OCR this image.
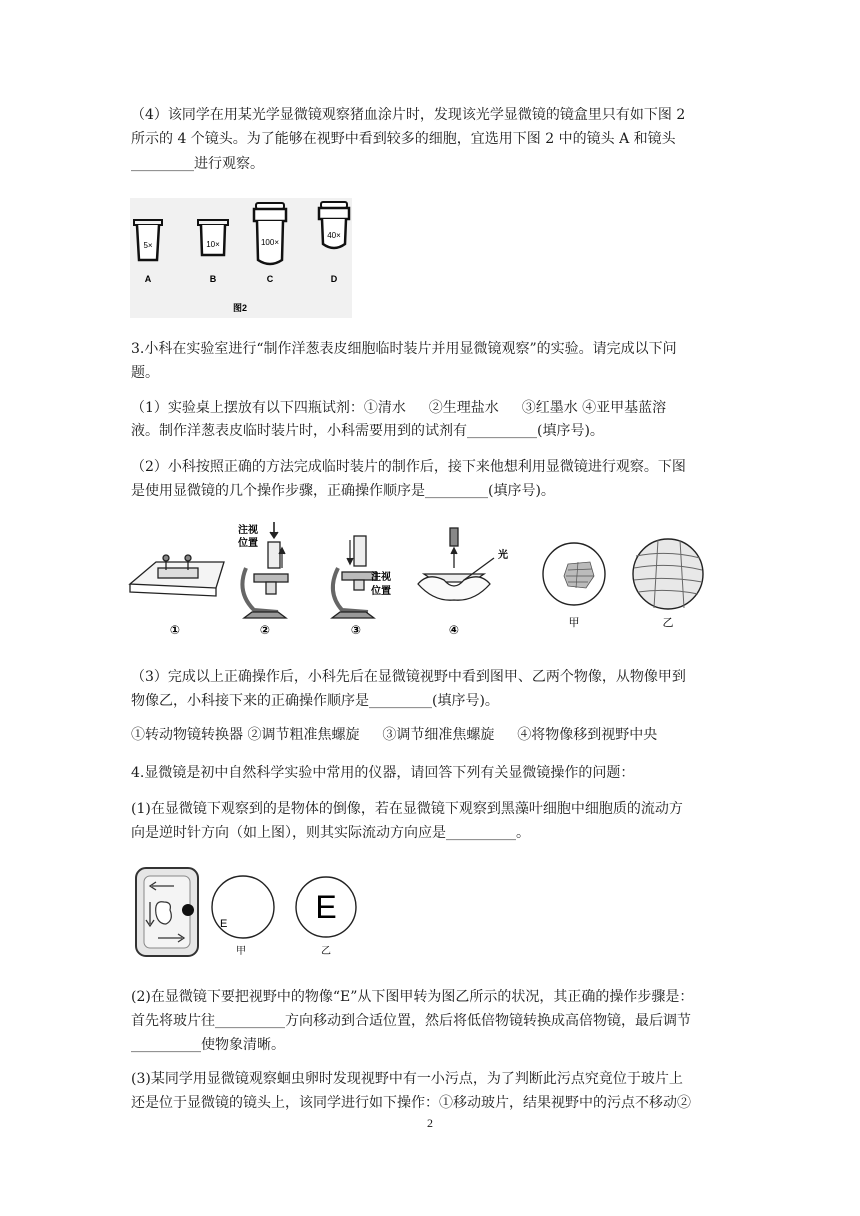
（4）该同学在用某光学显微镜观察猪血涂片时，发现该光学显微镜的镜盒里只有如下图 2

所示的 4 个镜头。为了能够在视野中看到较多的细胞，宜选用下图 2 中的镜头 A 和镜头

_________进行观察。

5×
A
10×
B
100×
C
40×
D
图2

3.小科在实验室进行“制作洋葱表皮细胞临时装片并用显微镜观察”的实验。请完成以下问

题。

（1）实验桌上摆放有以下四瓶试剂：①清水 　 ②生理盐水 　 ③红墨水 ④亚甲基蓝溶

液。制作洋葱表皮临时装片时，小科需要用到的试剂有__________(填序号)。

（2）小科按照正确的方法完成临时装片的制作后，接下来他想利用显微镜进行观察。下图

是使用显微镜的几个操作步骤，正确操作顺序是_________(填序号)。

①
注视
位置
②
注视
位置
③
光
④	甲	乙

（3）完成以上正确操作后，小科先后在显微镜视野中看到图甲、乙两个物像，从物像甲到

物像乙，小科接下来的正确操作顺序是_________(填序号)。

①转动物镜转换器 ②调节粗准焦螺旋 　 ③调节细准焦螺旋 　 ④将物像移到视野中央

4.显微镜是初中自然科学实验中常用的仪器，请回答下列有关显微镜操作的问题：

(1)在显微镜下观察到的是物体的倒像，若在显微镜下观察到黑藻叶细胞中细胞质的流动方

向是逆时针方向（如上图），则其实际流动方向应是__________。

E
甲
E
乙

(2)在显微镜下要把视野中的物像“E”从下图甲转为图乙所示的状况，其正确的操作步骤是：

首先将玻片往__________方向移动到合适位置，然后将低倍物镜转换成高倍物镜，最后调节

__________使物象清晰。

(3)某同学用显微镜观察蛔虫卵时发现视野中有一小污点，为了判断此污点究竟位于玻片上

还是位于显微镜的镜头上，该同学进行如下操作：①移动玻片，结果视野中的污点不移动②

2
